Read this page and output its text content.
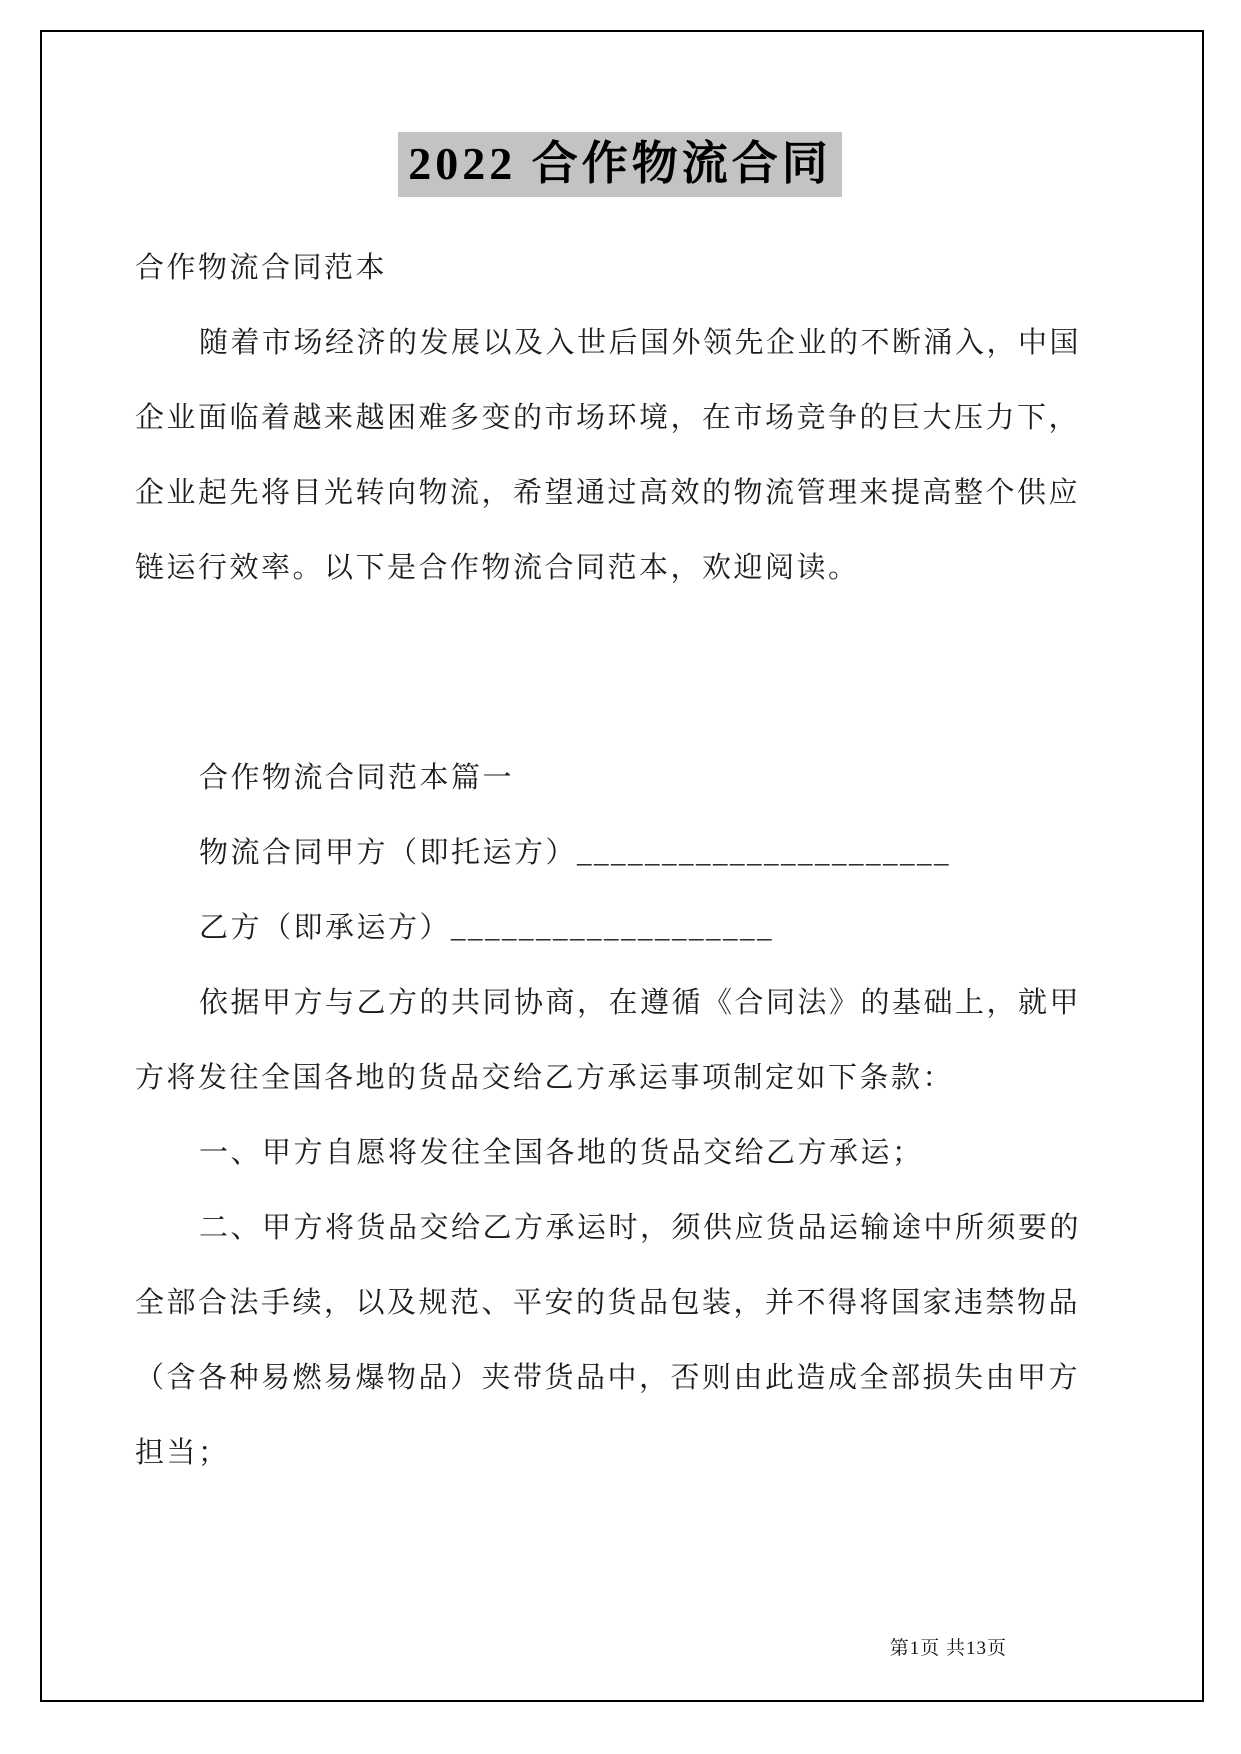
2022 合作物流合同

合作物流合同范本

随着市场经济的发展以及入世后国外领先企业的不断涌入，中国

企业面临着越来越困难多变的市场环境，在市场竞争的巨大压力下，

企业起先将目光转向物流，希望通过高效的物流管理来提高整个供应

链运行效率。以下是合作物流合同范本，欢迎阅读。

合作物流合同范本篇一

物流合同甲方（即托运方）______________________

乙方（即承运方）___________________

依据甲方与乙方的共同协商，在遵循《合同法》的基础上，就甲

方将发往全国各地的货品交给乙方承运事项制定如下条款：

一、甲方自愿将发往全国各地的货品交给乙方承运；

二、甲方将货品交给乙方承运时，须供应货品运输途中所须要的

全部合法手续，以及规范、平安的货品包装，并不得将国家违禁物品

（含各种易燃易爆物品）夹带货品中，否则由此造成全部损失由甲方

担当；

第1页 共13页
